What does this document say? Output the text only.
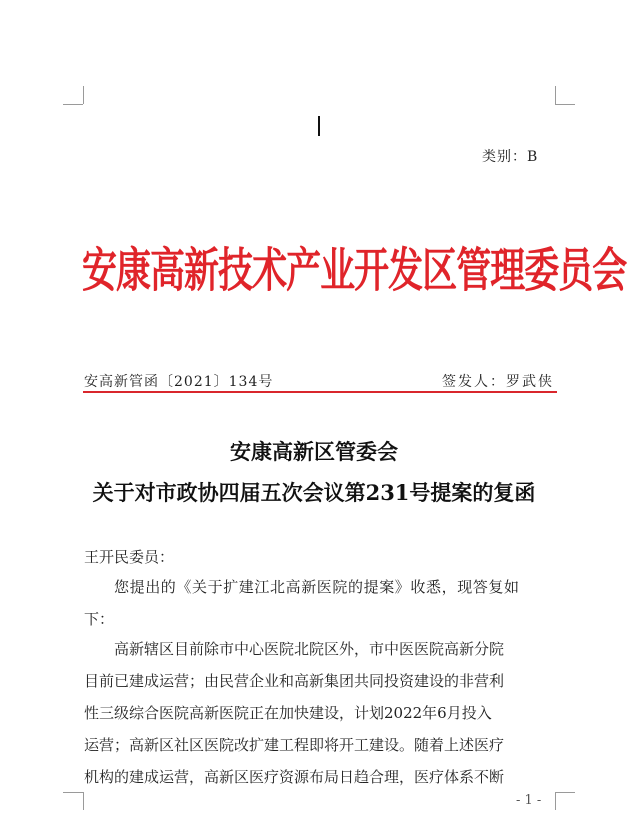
类别：B
安康高新技术产业开发区管理委员会
安高新管函〔2021〕134号	签发人：罗武侠
安康高新区管委会
关于对市政协四届五次会议第231号提案的复函
王开民委员：
您提出的《关于扩建江北高新医院的提案》收悉，现答复如
下：
高新辖区目前除市中心医院北院区外，市中医医院高新分院
目前已建成运营；由民营企业和高新集团共同投资建设的非营利
性三级综合医院高新医院正在加快建设，计划2022年6月投入
运营；高新区社区医院改扩建工程即将开工建设。随着上述医疗
机构的建成运营，高新区医疗资源布局日趋合理，医疗体系不断
- 1 -
